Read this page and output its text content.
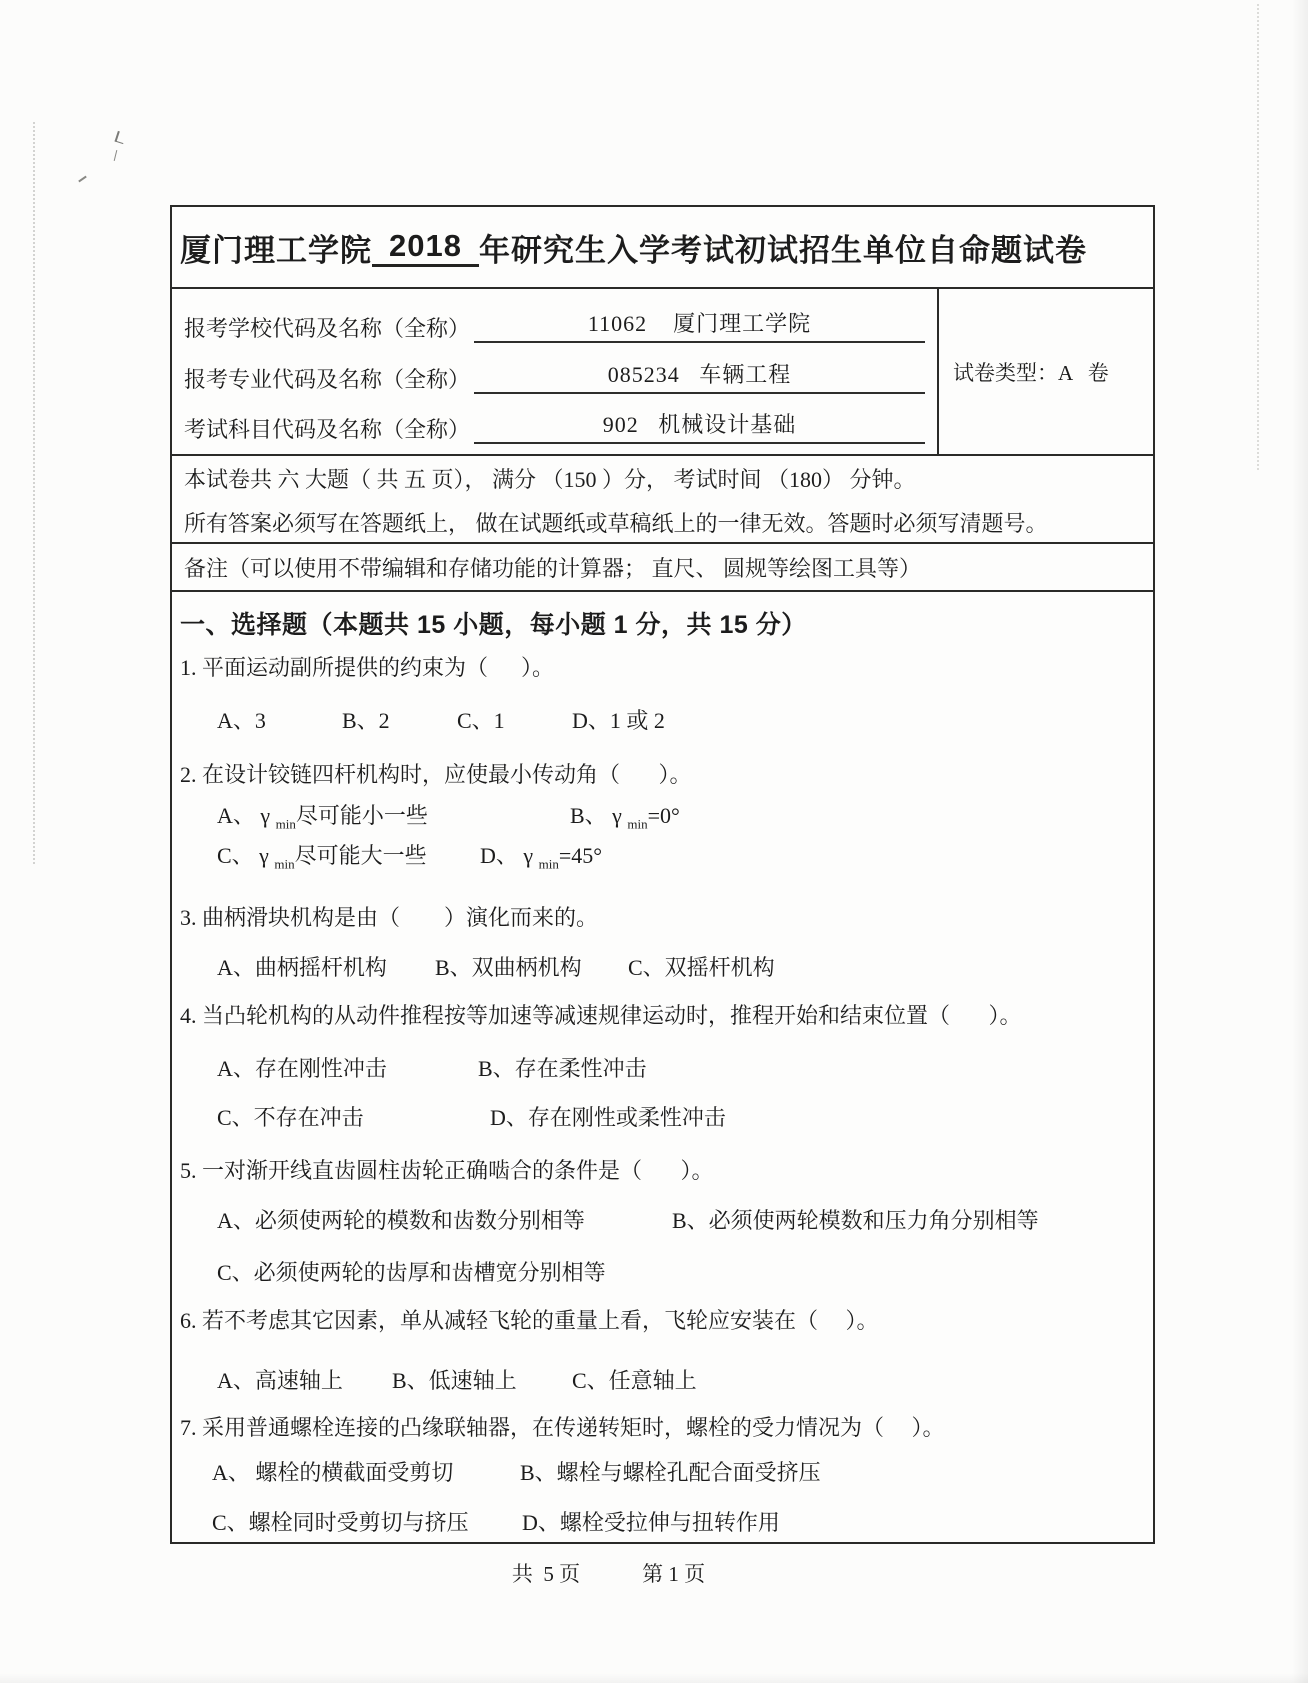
厦门理工学院 2018 年研究生入学考试初试招生单位自命题试卷
报考学校代码及名称（全称）	11062    厦门理工学院
报考专业代码及名称（全称）	085234   车辆工程
考试科目代码及名称（全称）	902   机械设计基础
试卷类型：A   卷
本试卷共 六 大题（ 共 五 页）， 满分 （150 ）分， 考试时间 （180） 分钟。
所有答案必须写在答题纸上， 做在试题纸或草稿纸上的一律无效。答题时必须写清题号。
备注（可以使用不带编辑和存储功能的计算器； 直尺、 圆规等绘图工具等）
一、选择题（本题共 15 小题，每小题 1 分，共 15 分）
1. 平面运动副所提供的约束为（      ）。

A、3

	B、2

	C、1

	D、1 或 2

2. 在设计铰链四杆机构时，应使最小传动角（       ）。

A、 γ $_{min}$尽可能小一些

	B、 γ $_{min}$=0°

C、 γ $_{min}$尽可能大一些

D、 γ $_{min}$=45°

3. 曲柄滑块机构是由（        ）演化而来的。

A、曲柄摇杆机构

B、双曲柄机构

C、双摇杆机构

4. 当凸轮机构的从动件推程按等加速等减速规律运动时，推程开始和结束位置（       ）。

A、存在刚性冲击

	B、存在柔性冲击

C、不存在冲击

	D、存在刚性或柔性冲击

5. 一对渐开线直齿圆柱齿轮正确啮合的条件是（       ）。

A、必须使两轮的模数和齿数分别相等

	B、必须使两轮模数和压力角分别相等

C、必须使两轮的齿厚和齿槽宽分别相等

6. 若不考虑其它因素，单从减轻飞轮的重量上看，飞轮应安装在（     ）。

A、高速轴上

B、低速轴上

	C、任意轴上

7. 采用普通螺栓连接的凸缘联轴器，在传递转矩时，螺栓的受力情况为（     ）。

A、 螺栓的横截面受剪切

	B、螺栓与螺栓孔配合面受挤压

C、螺栓同时受剪切与挤压

D、螺栓受拉伸与扭转作用

共  5 页	第 1 页
